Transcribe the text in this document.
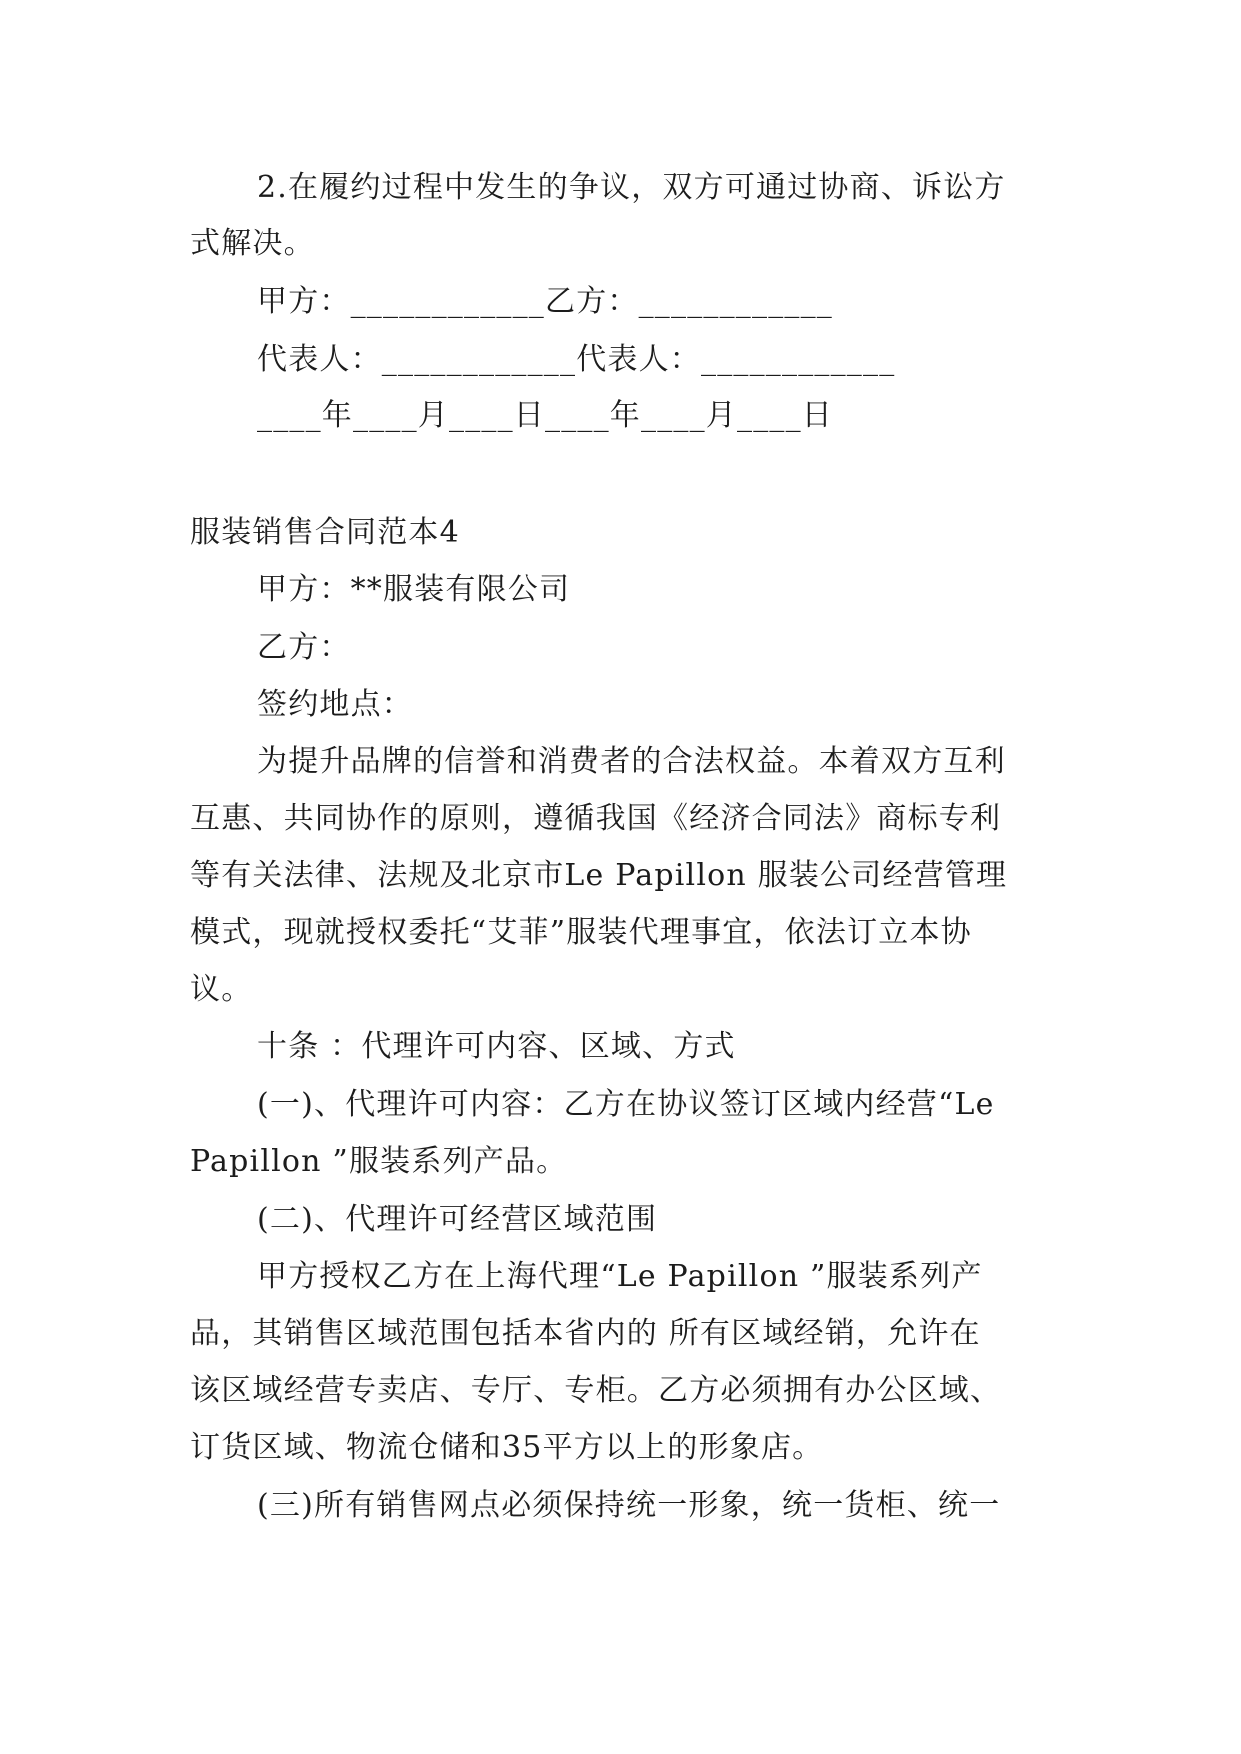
2.在履约过程中发生的争议，双方可通过协商、诉讼方
式解决。
甲方：____________乙方：____________
代表人：____________代表人：____________
____年____月____日____年____月____日
服装销售合同范本4
甲方：**服装有限公司
乙方：
签约地点：
为提升品牌的信誉和消费者的合法权益。本着双方互利
互惠、共同协作的原则，遵循我国《经济合同法》商标专利
等有关法律、法规及北京市Le Papillon 服装公司经营管理
模式，现就授权委托“艾菲”服装代理事宜，依法订立本协
议。
十条 ：代理许可内容、区域、方式
(一)、代理许可内容：乙方在协议签订区域内经营“Le
Papillon ”服装系列产品。
(二)、代理许可经营区域范围
甲方授权乙方在上海代理“Le Papillon ”服装系列产
品，其销售区域范围包括本省内的 所有区域经销，允许在
该区域经营专卖店、专厅、专柜。乙方必须拥有办公区域、
订货区域、物流仓储和35平方以上的形象店。
(三)所有销售网点必须保持统一形象，统一货柜、统一
